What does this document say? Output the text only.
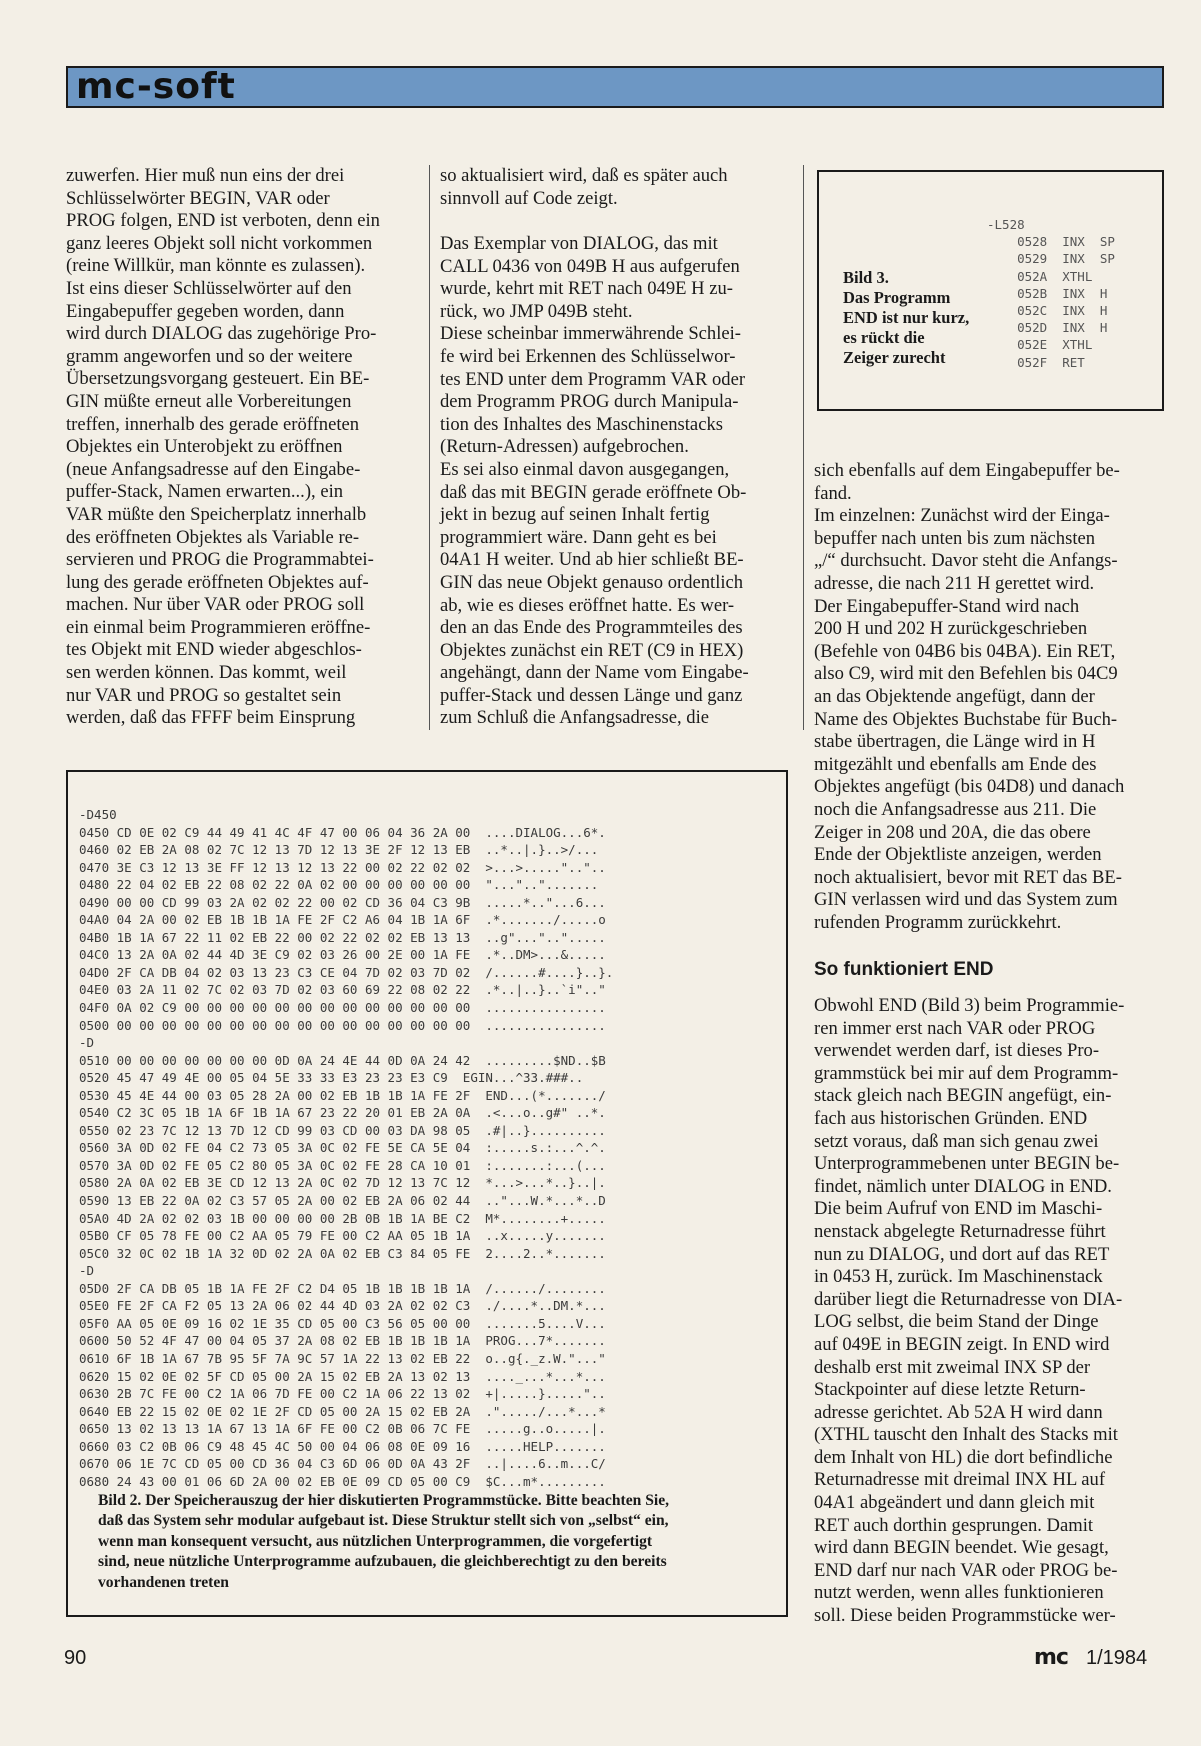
mc-soft
zuwerfen. Hier muß nun eins der drei
Schlüsselwörter BEGIN, VAR oder
PROG folgen, END ist verboten, denn ein
ganz leeres Objekt soll nicht vorkommen
(reine Willkür, man könnte es zulassen).
Ist eins dieser Schlüsselwörter auf den
Eingabepuffer gegeben worden, dann
wird durch DIALOG das zugehörige Pro-
gramm angeworfen und so der weitere
Übersetzungsvorgang gesteuert. Ein BE-
GIN müßte erneut alle Vorbereitungen
treffen, innerhalb des gerade eröffneten
Objektes ein Unterobjekt zu eröffnen
(neue Anfangsadresse auf den Eingabe-
puffer-Stack, Namen erwarten...), ein
VAR müßte den Speicherplatz innerhalb
des eröffneten Objektes als Variable re-
servieren und PROG die Programmabtei-
lung des gerade eröffneten Objektes auf-
machen. Nur über VAR oder PROG soll
ein einmal beim Programmieren eröffne-
tes Objekt mit END wieder abgeschlos-
sen werden können. Das kommt, weil
nur VAR und PROG so gestaltet sein
werden, daß das FFFF beim Einsprung
so aktualisiert wird, daß es später auch
sinnvoll auf Code zeigt.
Das Exemplar von DIALOG, das mit
CALL 0436 von 049B H aus aufgerufen
wurde, kehrt mit RET nach 049E H zu-
rück, wo JMP 049B steht.
Diese scheinbar immerwährende Schlei-
fe wird bei Erkennen des Schlüsselwor-
tes END unter dem Programm VAR oder
dem Programm PROG durch Manipula-
tion des Inhaltes des Maschinenstacks
(Return-Adressen) aufgebrochen.
Es sei also einmal davon ausgegangen,
daß das mit BEGIN gerade eröffnete Ob-
jekt in bezug auf seinen Inhalt fertig
programmiert wäre. Dann geht es bei
04A1 H weiter. Und ab hier schließt BE-
GIN das neue Objekt genauso ordentlich
ab, wie es dieses eröffnet hatte. Es wer-
den an das Ende des Programmteiles des
Objektes zunächst ein RET (C9 in HEX)
angehängt, dann der Name vom Eingabe-
puffer-Stack und dessen Länge und ganz
zum Schluß die Anfangsadresse, die
Bild 3.
Das Programm
END ist nur kurz,
es rückt die
Zeiger zurecht
-L528
0528  INX  SP
0529  INX  SP
052A  XTHL
052B  INX  H
052C  INX  H
052D  INX  H
052E  XTHL
052F  RET
sich ebenfalls auf dem Eingabepuffer be-
fand.
Im einzelnen: Zunächst wird der Einga-
bepuffer nach unten bis zum nächsten
„/“ durchsucht. Davor steht die Anfangs-
adresse, die nach 211 H gerettet wird.
Der Eingabepuffer-Stand wird nach
200 H und 202 H zurückgeschrieben
(Befehle von 04B6 bis 04BA). Ein RET,
also C9, wird mit den Befehlen bis 04C9
an das Objektende angefügt, dann der
Name des Objektes Buchstabe für Buch-
stabe übertragen, die Länge wird in H
mitgezählt und ebenfalls am Ende des
Objektes angefügt (bis 04D8) und danach
noch die Anfangsadresse aus 211. Die
Zeiger in 208 und 20A, die das obere
Ende der Objektliste anzeigen, werden
noch aktualisiert, bevor mit RET das BE-
GIN verlassen wird und das System zum
rufenden Programm zurückkehrt.
So funktioniert END
Obwohl END (Bild 3) beim Programmie-
ren immer erst nach VAR oder PROG
verwendet werden darf, ist dieses Pro-
grammstück bei mir auf dem Programm-
stack gleich nach BEGIN angefügt, ein-
fach aus historischen Gründen. END
setzt voraus, daß man sich genau zwei
Unterprogrammebenen unter BEGIN be-
findet, nämlich unter DIALOG in END.
Die beim Aufruf von END im Maschi-
nenstack abgelegte Returnadresse führt
nun zu DIALOG, und dort auf das RET
in 0453 H, zurück. Im Maschinenstack
darüber liegt die Returnadresse von DIA-
LOG selbst, die beim Stand der Dinge
auf 049E in BEGIN zeigt. In END wird
deshalb erst mit zweimal INX SP der
Stackpointer auf diese letzte Return-
adresse gerichtet. Ab 52A H wird dann
(XTHL tauscht den Inhalt des Stacks mit
dem Inhalt von HL) die dort befindliche
Returnadresse mit dreimal INX HL auf
04A1 abgeändert und dann gleich mit
RET auch dorthin gesprungen. Damit
wird dann BEGIN beendet. Wie gesagt,
END darf nur nach VAR oder PROG be-
nutzt werden, wenn alles funktionieren
soll. Diese beiden Programmstücke wer-
-D450
0450 CD 0E 02 C9 44 49 41 4C 4F 47 00 06 04 36 2A 00  ....DIALOG...6*.
0460 02 EB 2A 08 02 7C 12 13 7D 12 13 3E 2F 12 13 EB  ..*..|.}..>/...
0470 3E C3 12 13 3E FF 12 13 12 13 22 00 02 22 02 02  >...>.....".."..
0480 22 04 02 EB 22 08 02 22 0A 02 00 00 00 00 00 00  "..."..".......
0490 00 00 CD 99 03 2A 02 02 22 00 02 CD 36 04 C3 9B  .....*.."...6...
04A0 04 2A 00 02 EB 1B 1B 1A FE 2F C2 A6 04 1B 1A 6F  .*......./.....o
04B0 1B 1A 67 22 11 02 EB 22 00 02 22 02 02 EB 13 13  ..g"..."..".....
04C0 13 2A 0A 02 44 4D 3E C9 02 03 26 00 2E 00 1A FE  .*..DM>...&.....
04D0 2F CA DB 04 02 03 13 23 C3 CE 04 7D 02 03 7D 02  /......#....}..}.
04E0 03 2A 11 02 7C 02 03 7D 02 03 60 69 22 08 02 22  .*..|..}..`i".."
04F0 0A 02 C9 00 00 00 00 00 00 00 00 00 00 00 00 00  ................
0500 00 00 00 00 00 00 00 00 00 00 00 00 00 00 00 00  ................
-D
0510 00 00 00 00 00 00 00 0D 0A 24 4E 44 0D 0A 24 42  .........$ND..$B
0520 45 47 49 4E 00 05 04 5E 33 33 E3 23 23 E3 C9  EGIN...^33.###..
0530 45 4E 44 00 03 05 28 2A 00 02 EB 1B 1B 1A FE 2F  END...(*......./
0540 C2 3C 05 1B 1A 6F 1B 1A 67 23 22 20 01 EB 2A 0A  .<...o..g#" ..*.
0550 02 23 7C 12 13 7D 12 CD 99 03 CD 00 03 DA 98 05  .#|..}..........
0560 3A 0D 02 FE 04 C2 73 05 3A 0C 02 FE 5E CA 5E 04  :.....s.:...^.^.
0570 3A 0D 02 FE 05 C2 80 05 3A 0C 02 FE 28 CA 10 01  :.......:...(...
0580 2A 0A 02 EB 3E CD 12 13 2A 0C 02 7D 12 13 7C 12  *...>...*..}..|.
0590 13 EB 22 0A 02 C3 57 05 2A 00 02 EB 2A 06 02 44  .."...W.*...*..D
05A0 4D 2A 02 02 03 1B 00 00 00 00 2B 0B 1B 1A BE C2  M*........+.....
05B0 CF 05 78 FE 00 C2 AA 05 79 FE 00 C2 AA 05 1B 1A  ..x.....y.......
05C0 32 0C 02 1B 1A 32 0D 02 2A 0A 02 EB C3 84 05 FE  2....2..*.......
-D
05D0 2F CA DB 05 1B 1A FE 2F C2 D4 05 1B 1B 1B 1B 1A  /....../........
05E0 FE 2F CA F2 05 13 2A 06 02 44 4D 03 2A 02 02 C3  ./....*..DM.*...
05F0 AA 05 0E 09 16 02 1E 35 CD 05 00 C3 56 05 00 00  .......5....V...
0600 50 52 4F 47 00 04 05 37 2A 08 02 EB 1B 1B 1B 1A  PROG...7*.......
0610 6F 1B 1A 67 7B 95 5F 7A 9C 57 1A 22 13 02 EB 22  o..g{._z.W."..."
0620 15 02 0E 02 5F CD 05 00 2A 15 02 EB 2A 13 02 13  ...._...*...*...
0630 2B 7C FE 00 C2 1A 06 7D FE 00 C2 1A 06 22 13 02  +|.....}....."..
0640 EB 22 15 02 0E 02 1E 2F CD 05 00 2A 15 02 EB 2A  ."...../...*...*
0650 13 02 13 13 1A 67 13 1A 6F FE 00 C2 0B 06 7C FE  .....g..o.....|.
0660 03 C2 0B 06 C9 48 45 4C 50 00 04 06 08 0E 09 16  .....HELP.......
0670 06 1E 7C CD 05 00 CD 36 04 C3 6D 06 0D 0A 43 2F  ..|....6..m...C/
0680 24 43 00 01 06 6D 2A 00 02 EB 0E 09 CD 05 00 C9  $C...m*.........
Bild 2. Der Speicherauszug der hier diskutierten Programmstücke. Bitte beachten Sie,
daß das System sehr modular aufgebaut ist. Diese Struktur stellt sich von „selbst“ ein,
wenn man konsequent versucht, aus nützlichen Unterprogrammen, die vorgefertigt
sind, neue nützliche Unterprogramme aufzubauen, die gleichberechtigt zu den bereits
vorhandenen treten
90	mc 1/1984
